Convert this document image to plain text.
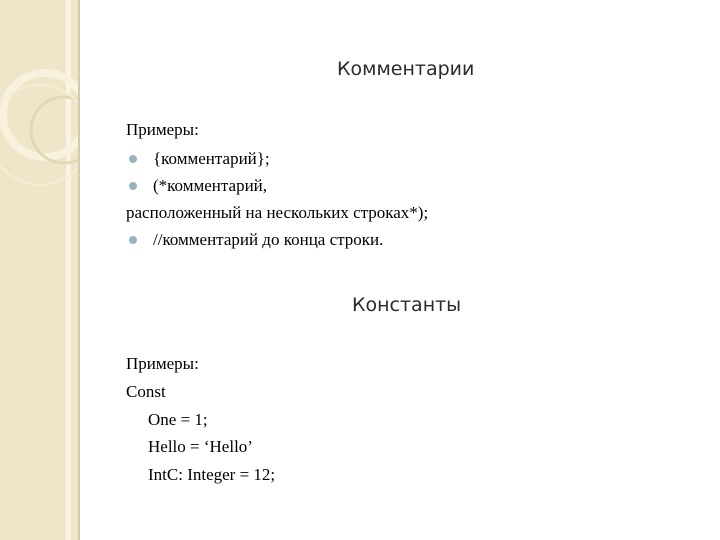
Комментарии
Примеры:
{комментарий};
(*комментарий,
расположенный на нескольких строках*);
//комментарий до конца строки.
Константы
Примеры:
Const
One = 1;
Hello = ‘Hello’
IntC: Integer = 12;
